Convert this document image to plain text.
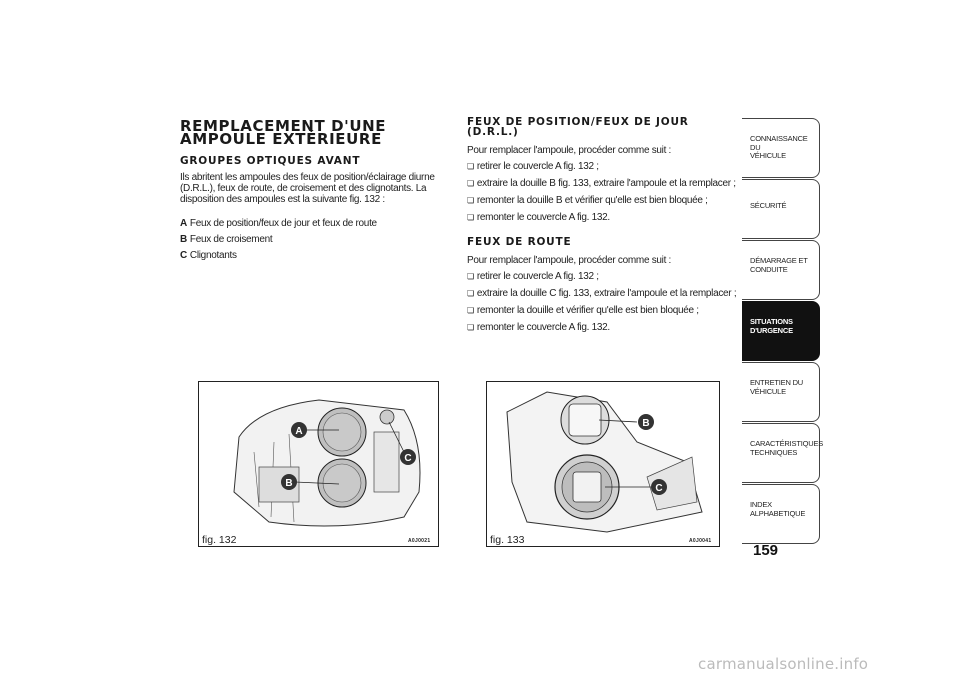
REMPLACEMENT D'UNE
AMPOULE EXTÉRIEURE
GROUPES OPTIQUES AVANT
Ils abritent les ampoules des feux de position/éclairage diurne (D.R.L.), feux de route, de croisement et des clignotants. La disposition des ampoules est la suivante fig. 132 :
A Feux de position/feux de jour et feux de route
B Feux de croisement
C Clignotants
FEUX DE POSITION/FEUX DE JOUR
(D.R.L.)
Pour remplacer l'ampoule, procéder comme suit :
❏ retirer le couvercle A fig. 132 ;
❏ extraire la douille B fig. 133, extraire l'ampoule et la remplacer ;
❏ remonter la douille B et vérifier qu'elle est bien bloquée ;
❏ remonter le couvercle A fig. 132.
FEUX DE ROUTE
Pour remplacer l'ampoule, procéder comme suit :
❏ retirer le couvercle A fig. 132 ;
❏ extraire la douille C fig. 133, extraire l'ampoule et la remplacer ;
❏ remonter la douille et vérifier qu'elle est bien bloquée ;
❏ remonter le couvercle A fig. 132.
A
B
C
fig. 132	A0J0021
B
C
fig. 133	A0J0041
CONNAISSANCE DU
VÉHICULE
SÉCURITÉ
DÉMARRAGE ET
CONDUITE
SITUATIONS
D'URGENCE
ENTRETIEN DU
VÉHICULE
CARACTÉRISTIQUES
TECHNIQUES
INDEX
ALPHABETIQUE
159
carmanualsonline.info
